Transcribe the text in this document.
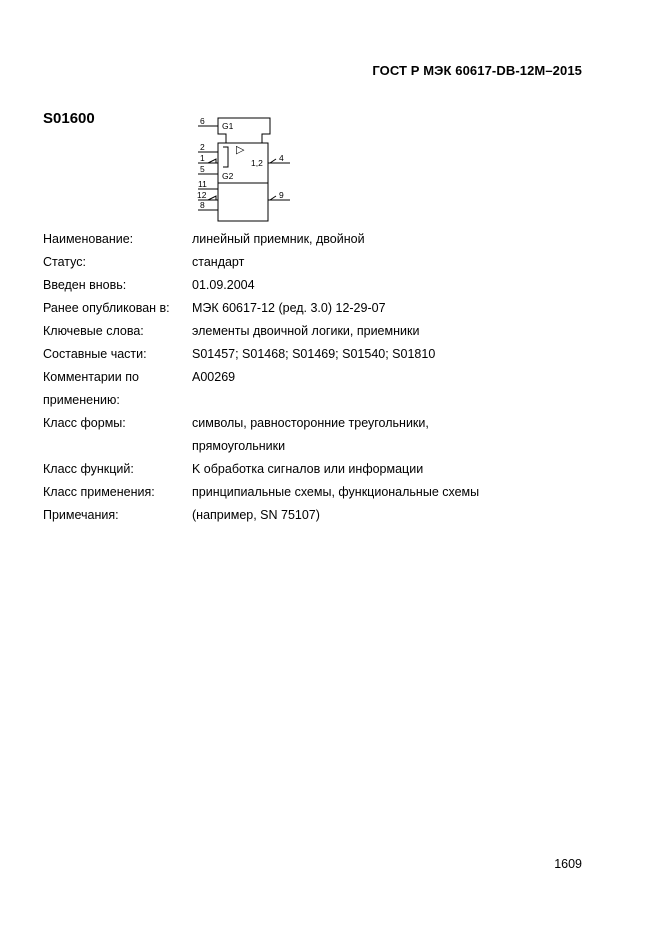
ГОСТ Р МЭК 60617-DB-12M–2015
S01600	6 G1
2	▷
1	1,2 4
5
G2
11
12	9
8
Наименование:	линейный приемник, двойной
Статус:	стандарт
Введен вновь:	01.09.2004
Ранее опубликован в:	МЭК 60617-12 (ред. 3.0) 12-29-07
Ключевые слова:	элементы двоичной логики, приемники
Составные части:	S01457; S01468; S01469; S01540; S01810
Комментарии по	A00269
применению:	
Класс формы:	символы, равносторонние треугольники,
	прямоугольники
Класс функций:	K обработка сигналов или информации
Класс применения:	принципиальные схемы, функциональные схемы
Примечания:	(например, SN 75107)
1609
